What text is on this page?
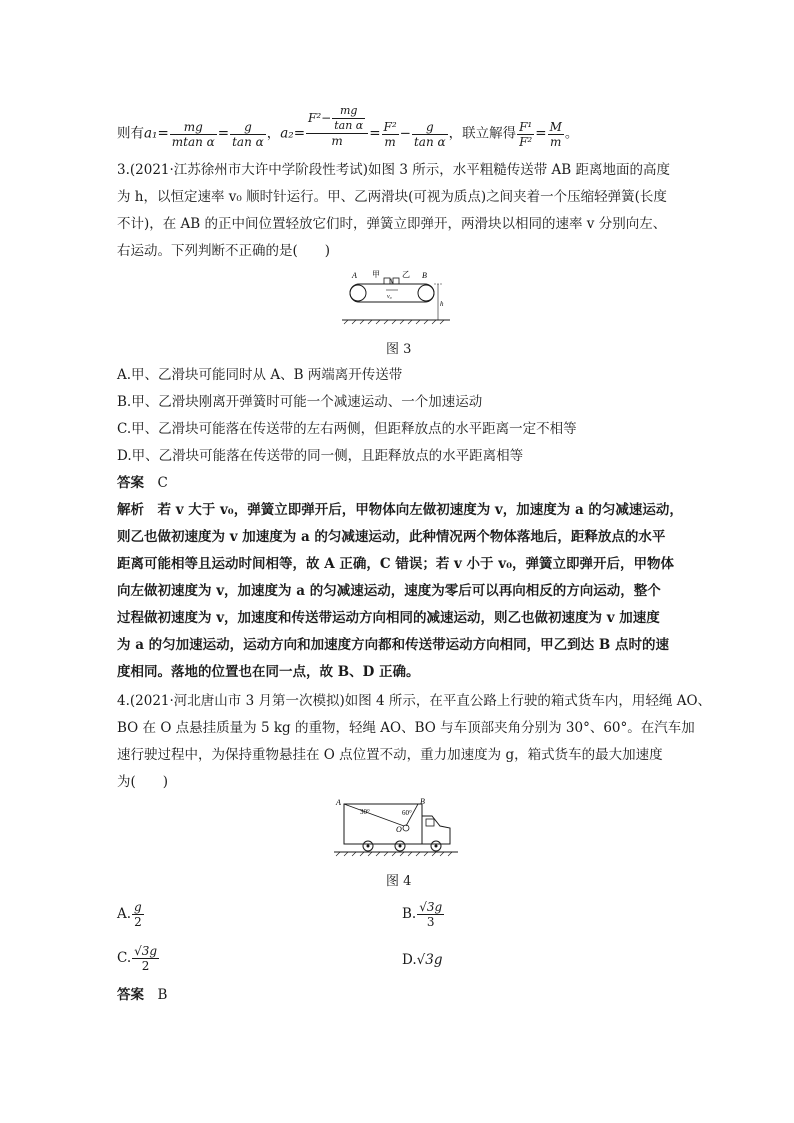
则有$a_1= \frac{mg}{\text{mtan α}} = \frac{g}{\text{tan α}}$ ，$a_2= \frac{F^2- \frac{mg}{\text{tan α}}}{m} = \frac{\text{F²}}{m} - \frac{g}{\text{tan α}}$ ，联立解得 $\frac{\text{F¹}}{\text{F²}} = \frac{M}{m}$ 。
3.(2021·江苏徐州市大许中学阶段性考试)如图 3 所示，水平粗糙传送带 AB 距离地面的高度
为 h，以恒定速率 v₀ 顺时针运行。甲、乙两滑块(可视为质点)之间夹着一个压缩轻弹簧(长度
不计)，在 AB 的正中间位置轻放它们时，弹簧立即弹开，两滑块以相同的速率 v 分别向左、
右运动。下列判断不正确的是(　　)
A 甲	乙 B
v₀
h
图 3
A.甲、乙滑块可能同时从 A、B 两端离开传送带
B.甲、乙滑块刚离开弹簧时可能一个减速运动、一个加速运动
C.甲、乙滑块可能落在传送带的左右两侧，但距释放点的水平距离一定不相等
D.甲、乙滑块可能落在传送带的同一侧，且距释放点的水平距离相等
答案　 C
解析　若 v 大于 v₀，弹簧立即弹开后，甲物体向左做初速度为 v，加速度为 a 的匀减速运动，
则乙也做初速度为 v 加速度为 a 的匀减速运动，此种情况两个物体落地后，距释放点的水平
距离可能相等且运动时间相等，故 A 正确，C 错误；若 v 小于 v₀，弹簧立即弹开后，甲物体
向左做初速度为 v，加速度为 a 的匀减速运动，速度为零后可以再向相反的方向运动，整个
过程做初速度为 v，加速度和传送带运动方向相同的减速运动，则乙也做初速度为 v 加速度
为 a 的匀加速运动，运动方向和加速度方向都和传送带运动方向相同，甲乙到达 B 点时的速
度相同。落地的位置也在同一点，故 B、D 正确。
4.(2021·河北唐山市 3 月第一次模拟)如图 4 所示，在平直公路上行驶的箱式货车内，用轻绳 AO、
BO 在 O 点悬挂质量为 5 kg 的重物，轻绳 AO、BO 与车顶部夹角分别为 30°、60°。在汽车加
速行驶过程中，为保持重物悬挂在 O 点位置不动，重力加速度为 g，箱式货车的最大加速度
为(　　)
A	B
O
30°	60°
图 4
A. $\frac{g}{2}$	B. $\frac{√3g}{3}$
C. $\frac{√3g}{2}$	D.√3g
答案　 B
